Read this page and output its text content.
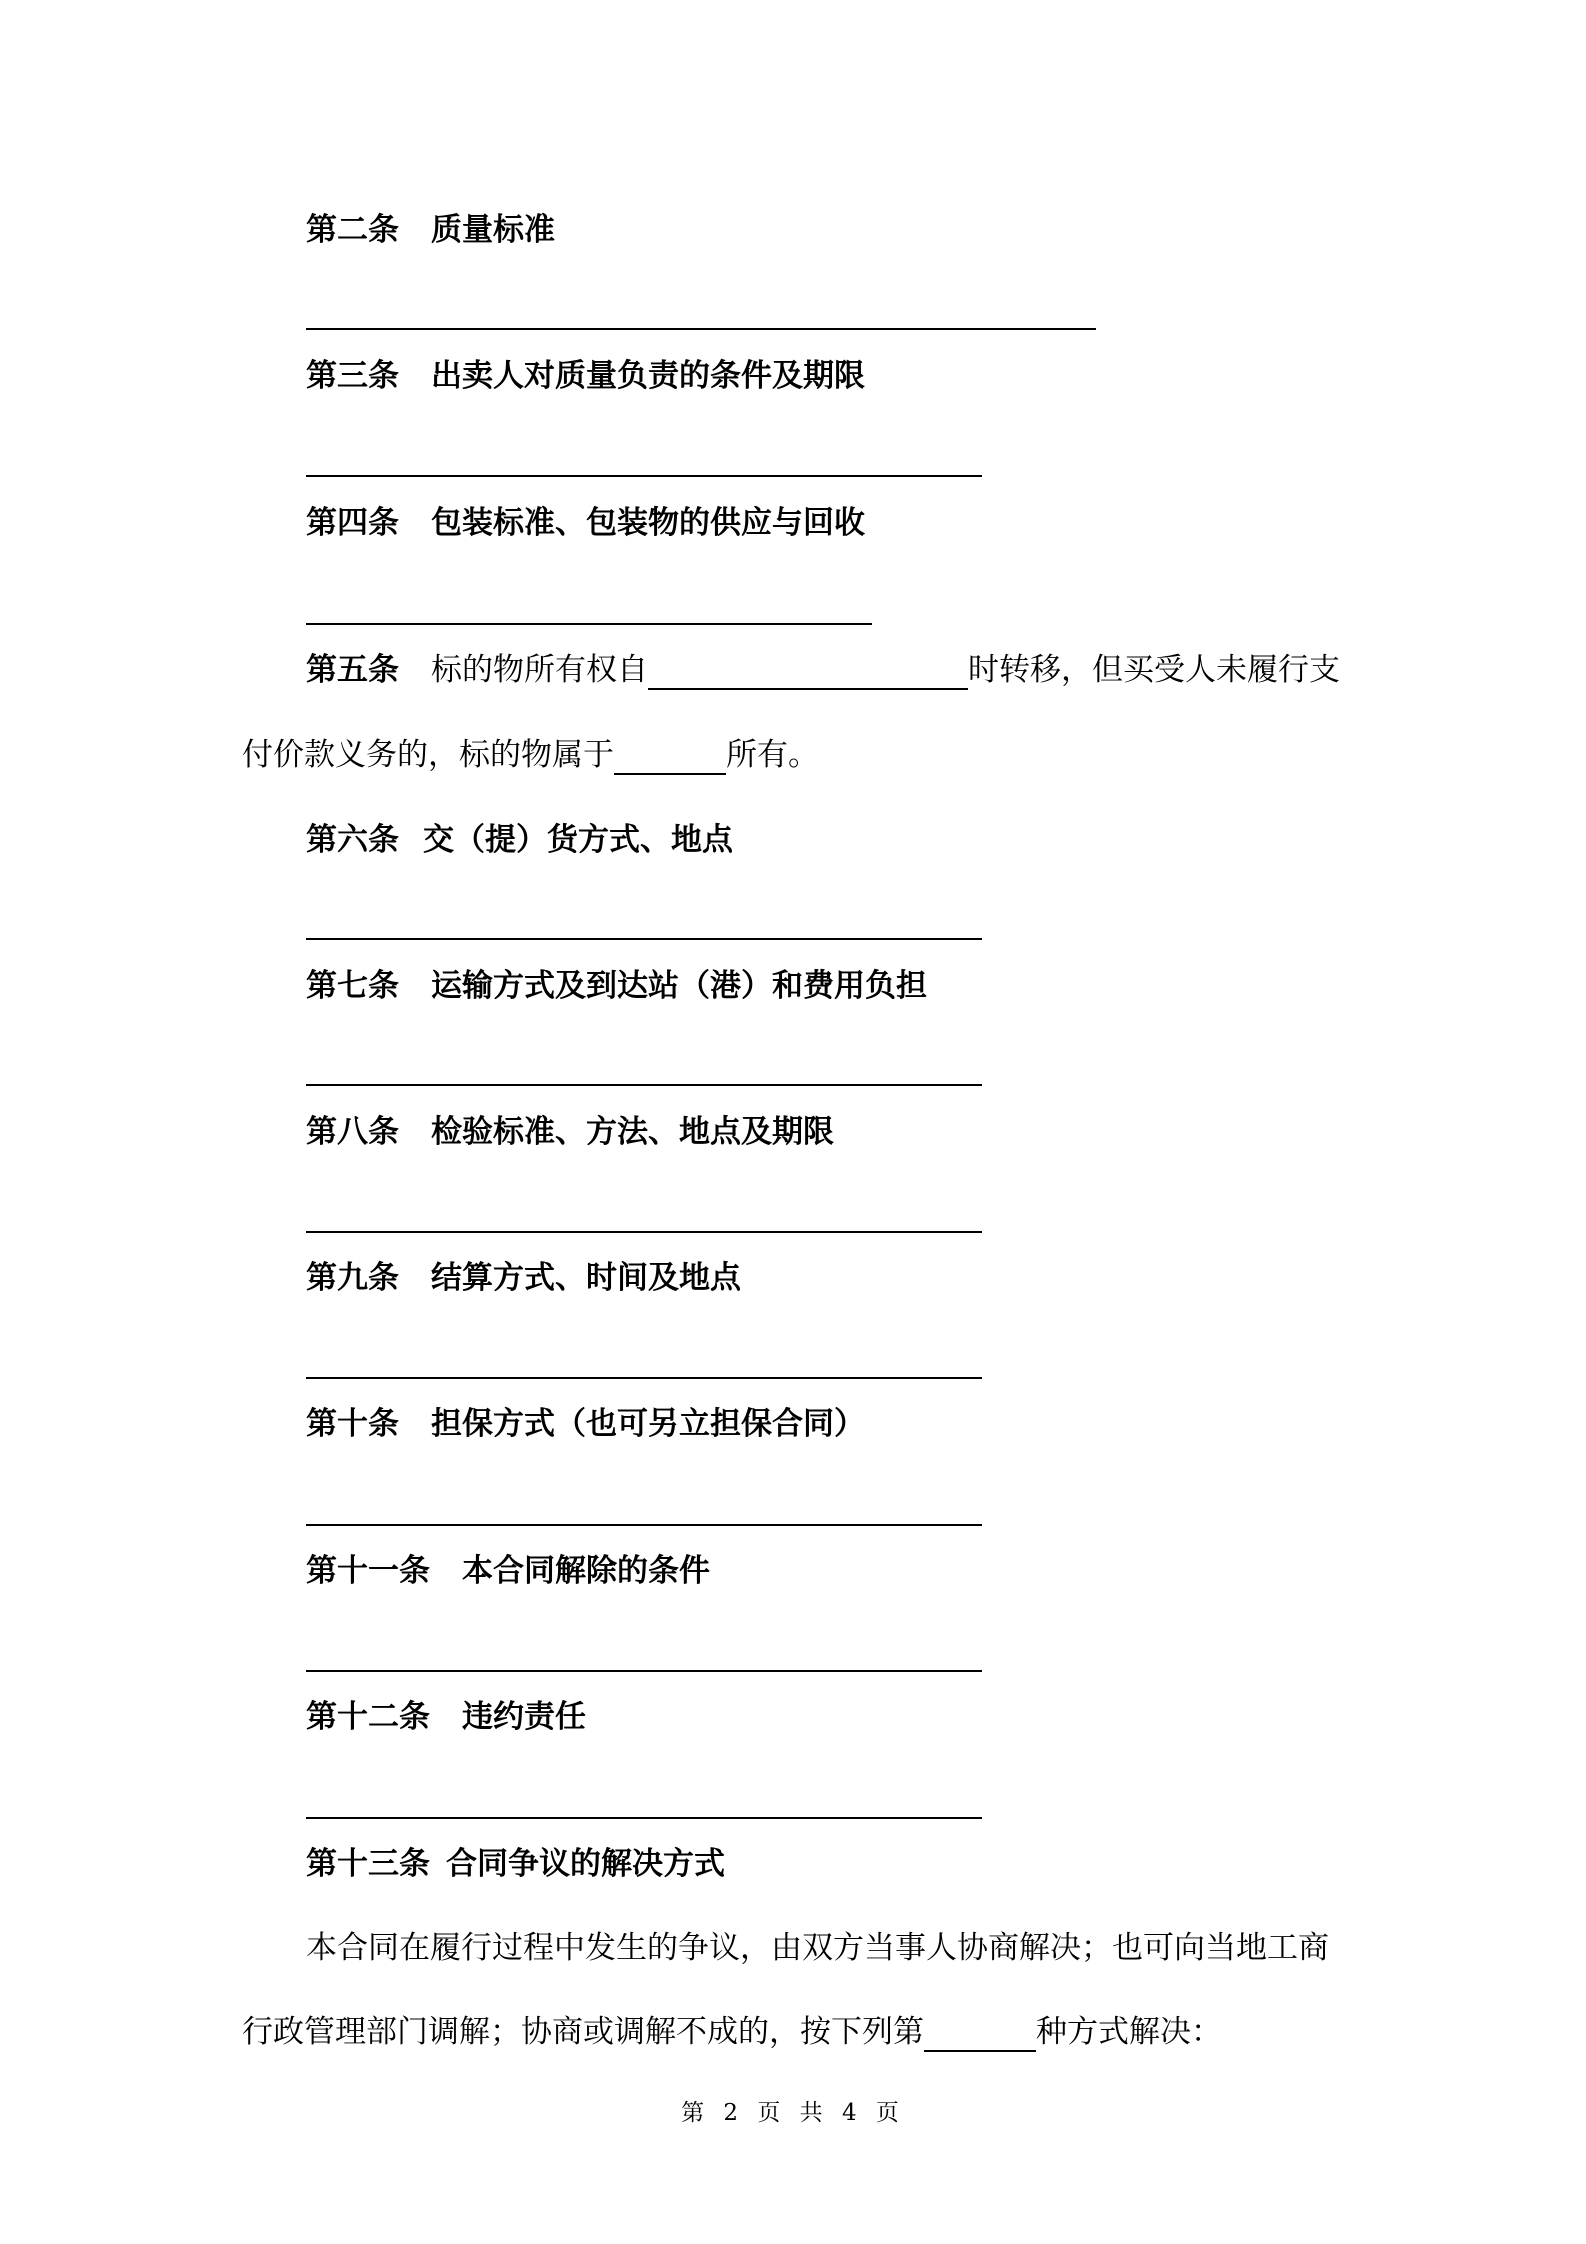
第二条 质量标准
第三条 出卖人对质量负责的条件及期限
第四条 包装标准、包装物的供应与回收
第五条 标的物所有权自	时转移，但买受人未履行支
付价款义务的，标的物属于	所有。
第六条 交（提）货方式、地点
第七条 运输方式及到达站（港）和费用负担
第八条 检验标准、方法、地点及期限
第九条 结算方式、时间及地点
第十条 担保方式（也可另立担保合同）
第十一条 本合同解除的条件
第十二条 违约责任
第十三条 合同争议的解决方式
本合同在履行过程中发生的争议，由双方当事人协商解决；也可向当地工商
行政管理部门调解；协商或调解不成的，按下列第	种方式解决：
第 2 页 共 4 页
